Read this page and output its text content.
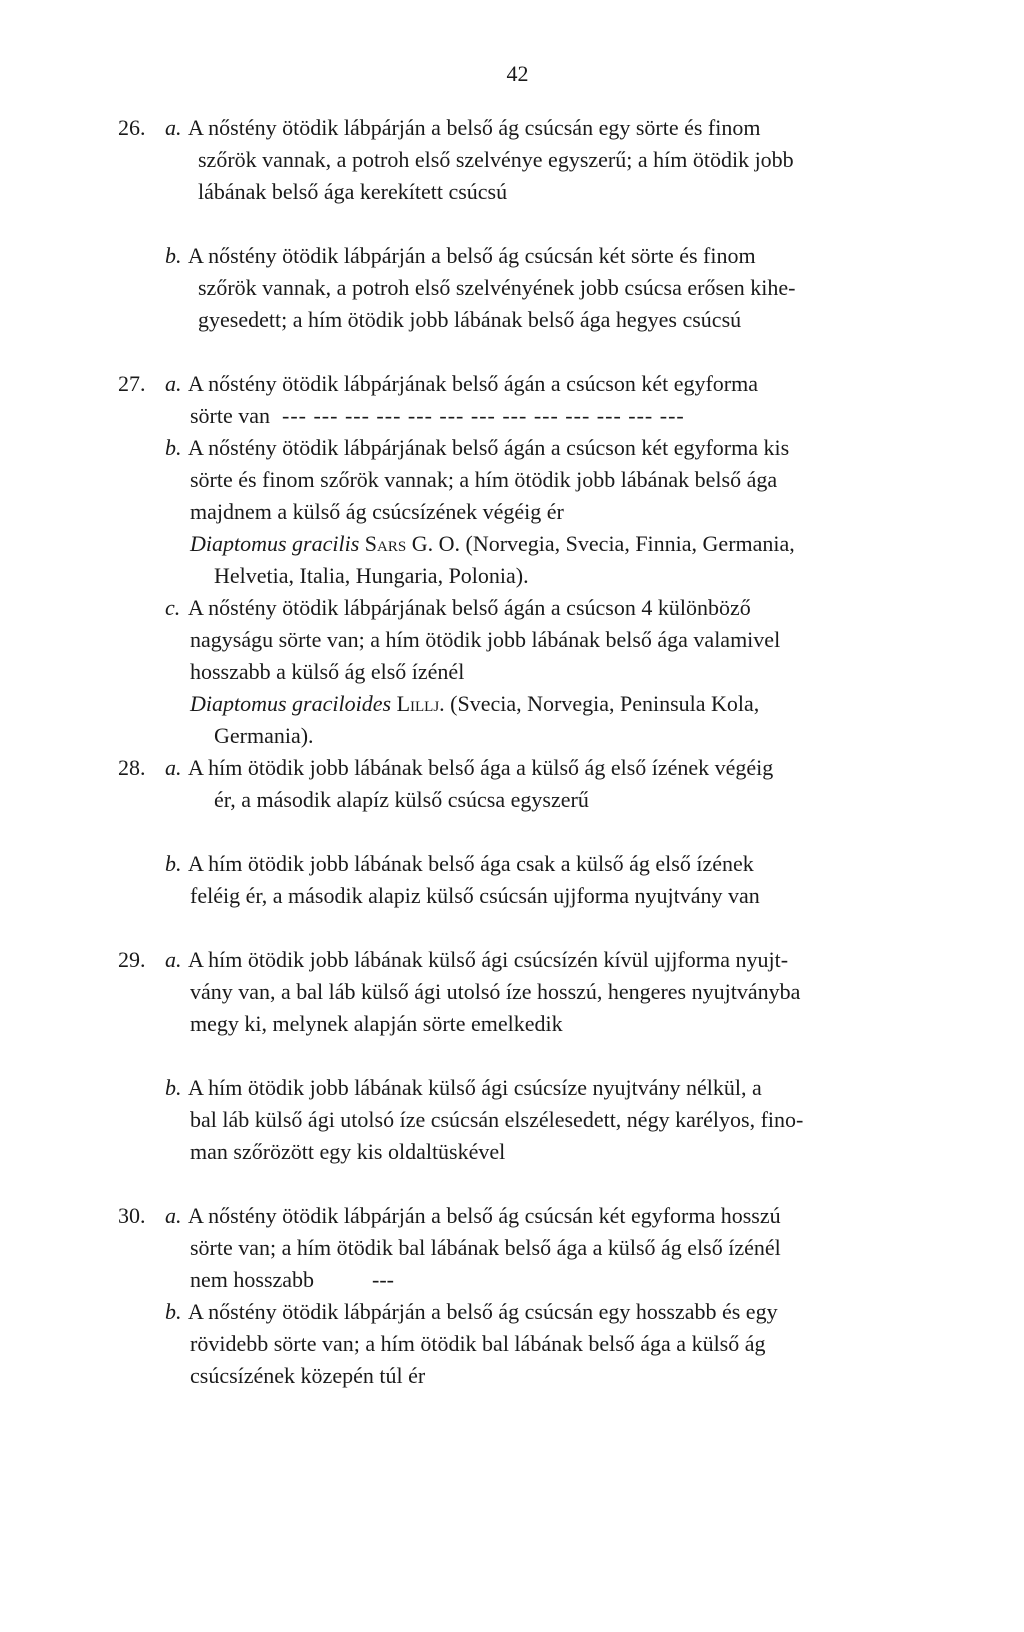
42
26. a. A nőstény ötödik lábpárján a belső ág csúcsán egy sörte és finom
szőrök vannak, a potroh első szelvénye egyszerű; a hím ötödik jobb
lábának belső ága kerekített csúcsú
b. A nőstény ötödik lábpárján a belső ág csúcsán két sörte és finom
szőrök vannak, a potroh első szelvényének jobb csúcsa erősen kihe-
gyesedett; a hím ötödik jobb lábának belső ága hegyes csúcsú
27. a. A nőstény ötödik lábpárjának belső ágán a csúcson két egyforma
sörte van --- --- --- --- --- --- --- --- --- --- --- --- ---
b. A nőstény ötödik lábpárjának belső ágán a csúcson két egyforma kis
sörte és finom szőrök vannak; a hím ötödik jobb lábának belső ága
majdnem a külső ág csúcsízének végéig ér
Diaptomus gracilis Sars G. O. (Norvegia, Svecia, Finnia, Germania,
Helvetia, Italia, Hungaria, Polonia).
c. A nőstény ötödik lábpárjának belső ágán a csúcson 4 különböző
nagyságu sörte van; a hím ötödik jobb lábának belső ága valamivel
hosszabb a külső ág első ízénél
Diaptomus graciloides Lillj. (Svecia, Norvegia, Peninsula Kola,
Germania).
28. a. A hím ötödik jobb lábának belső ága a külső ág első ízének végéig
ér, a második alapíz külső csúcsa egyszerű
b. A hím ötödik jobb lábának belső ága csak a külső ág első ízének
feléig ér, a második alapiz külső csúcsán ujjforma nyujtvány van
29. a. A hím ötödik jobb lábának külső ági csúcsízén kívül ujjforma nyujt-
vány van, a bal láb külső ági utolsó íze hosszú, hengeres nyujtványba
megy ki, melynek alapján sörte emelkedik
b. A hím ötödik jobb lábának külső ági csúcsíze nyujtvány nélkül, a
bal láb külső ági utolsó íze csúcsán elszélesedett, négy karélyos, fino-
man szőrözött egy kis oldaltüskével
30. a. A nőstény ötödik lábpárján a belső ág csúcsán két egyforma hosszú
sörte van; a hím ötödik bal lábának belső ága a külső ág első ízénél
nem hosszabb	---
b. A nőstény ötödik lábpárján a belső ág csúcsán egy hosszabb és egy
rövidebb sörte van; a hím ötödik bal lábának belső ága a külső ág
csúcsízének közepén túl ér
